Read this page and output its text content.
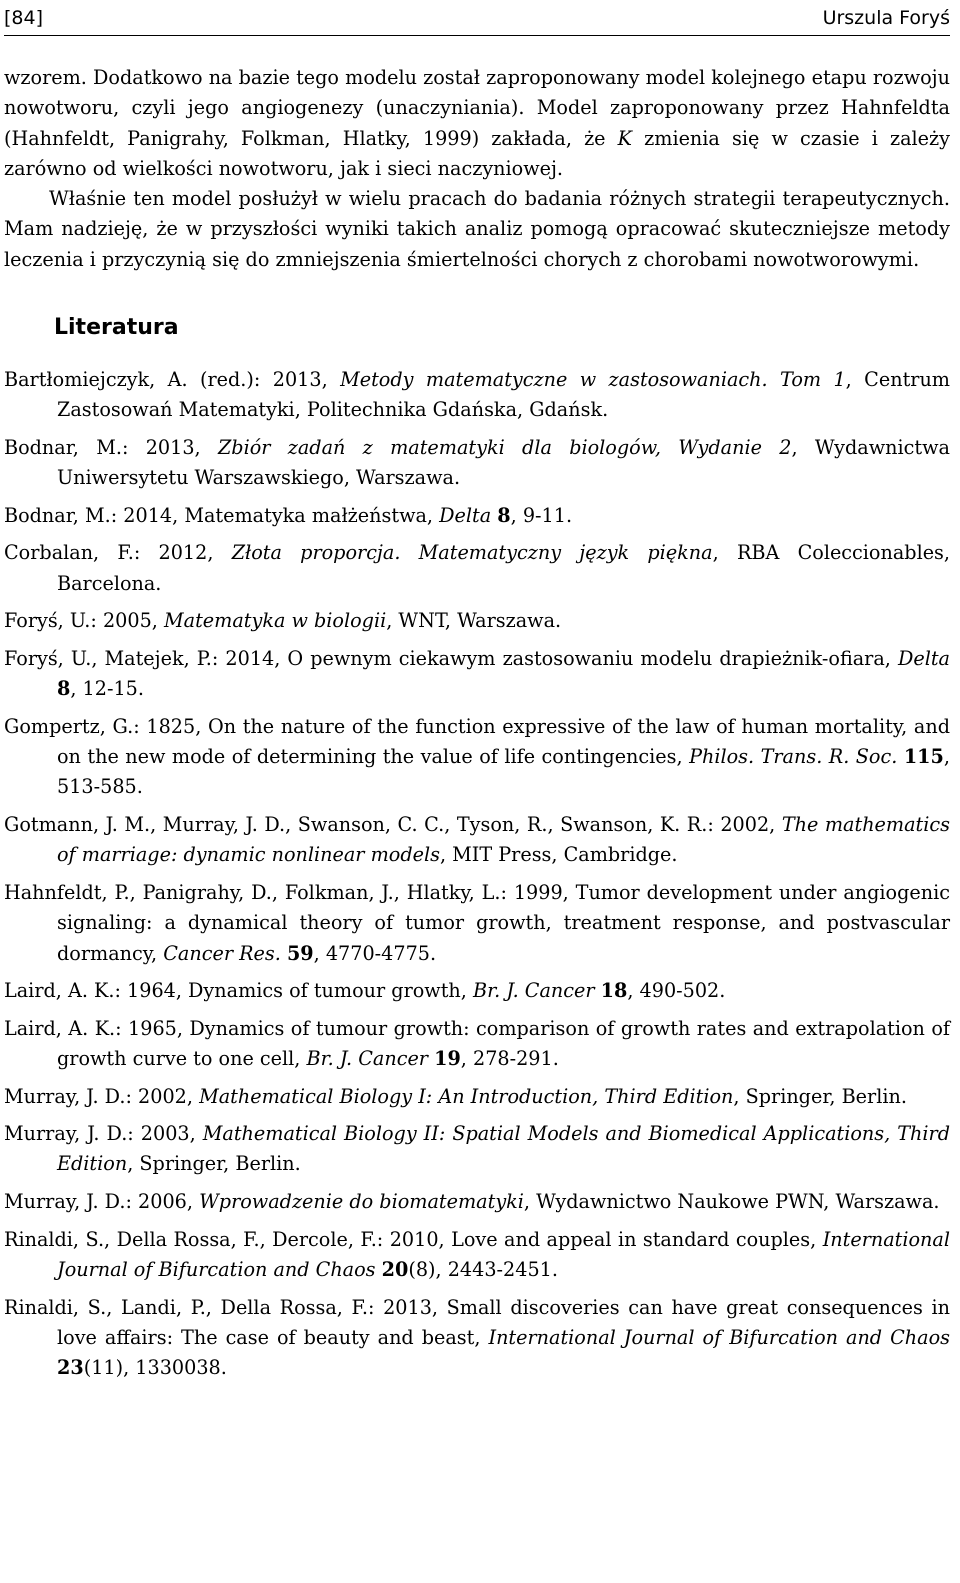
[84]	Urszula Foryś

wzorem. Dodatkowo na bazie tego modelu został zaproponowany model kolejnego etapu rozwoju nowotworu, czyli jego angiogenezy (unaczyniania). Model zaproponowany przez Hahnfeldta (Hahnfeldt, Panigrahy, Folkman, Hlatky, 1999) zakłada, że K zmienia się w czasie i zależy zarówno od wielkości nowotworu, jak i sieci naczyniowej.

Właśnie ten model posłużył w wielu pracach do badania różnych strategii terapeutycznych. Mam nadzieję, że w przyszłości wyniki takich analiz pomogą opracować skuteczniejsze metody leczenia i przyczynią się do zmniejszenia śmiertelności chorych z chorobami nowotworowymi.

Literatura

Bartłomiejczyk, A. (red.): 2013, Metody matematyczne w zastosowaniach. Tom 1, Centrum Zastosowań Matematyki, Politechnika Gdańska, Gdańsk.

Bodnar, M.: 2013, Zbiór zadań z matematyki dla biologów, Wydanie 2, Wydawnictwa Uniwersytetu Warszawskiego, Warszawa.

Bodnar, M.: 2014, Matematyka małżeństwa, Delta 8, 9-11.

Corbalan, F.: 2012, Złota proporcja. Matematyczny język piękna, RBA Coleccionables, Barcelona.

Foryś, U.: 2005, Matematyka w biologii, WNT, Warszawa.

Foryś, U., Matejek, P.: 2014, O pewnym ciekawym zastosowaniu modelu drapieżnik-ofiara, Delta 8, 12-15.

Gompertz, G.: 1825, On the nature of the function expressive of the law of human mortality, and on the new mode of determining the value of life contingencies, Philos. Trans. R. Soc. 115, 513-585.

Gotmann, J. M., Murray, J. D., Swanson, C. C., Tyson, R., Swanson, K. R.: 2002, The mathematics of marriage: dynamic nonlinear models, MIT Press, Cambridge.

Hahnfeldt, P., Panigrahy, D., Folkman, J., Hlatky, L.: 1999, Tumor development under angiogenic signaling: a dynamical theory of tumor growth, treatment response, and postvascular dormancy, Cancer Res. 59, 4770-4775.

Laird, A. K.: 1964, Dynamics of tumour growth, Br. J. Cancer 18, 490-502.

Laird, A. K.: 1965, Dynamics of tumour growth: comparison of growth rates and extrapolation of growth curve to one cell, Br. J. Cancer 19, 278-291.

Murray, J. D.: 2002, Mathematical Biology I: An Introduction, Third Edition, Springer, Berlin.

Murray, J. D.: 2003, Mathematical Biology II: Spatial Models and Biomedical Applications, Third Edition, Springer, Berlin.

Murray, J. D.: 2006, Wprowadzenie do biomatematyki, Wydawnictwo Naukowe PWN, Warszawa.

Rinaldi, S., Della Rossa, F., Dercole, F.: 2010, Love and appeal in standard couples, International Journal of Bifurcation and Chaos 20(8), 2443-2451.

Rinaldi, S., Landi, P., Della Rossa, F.: 2013, Small discoveries can have great consequences in love affairs: The case of beauty and beast, International Journal of Bifurcation and Chaos 23(11), 1330038.
